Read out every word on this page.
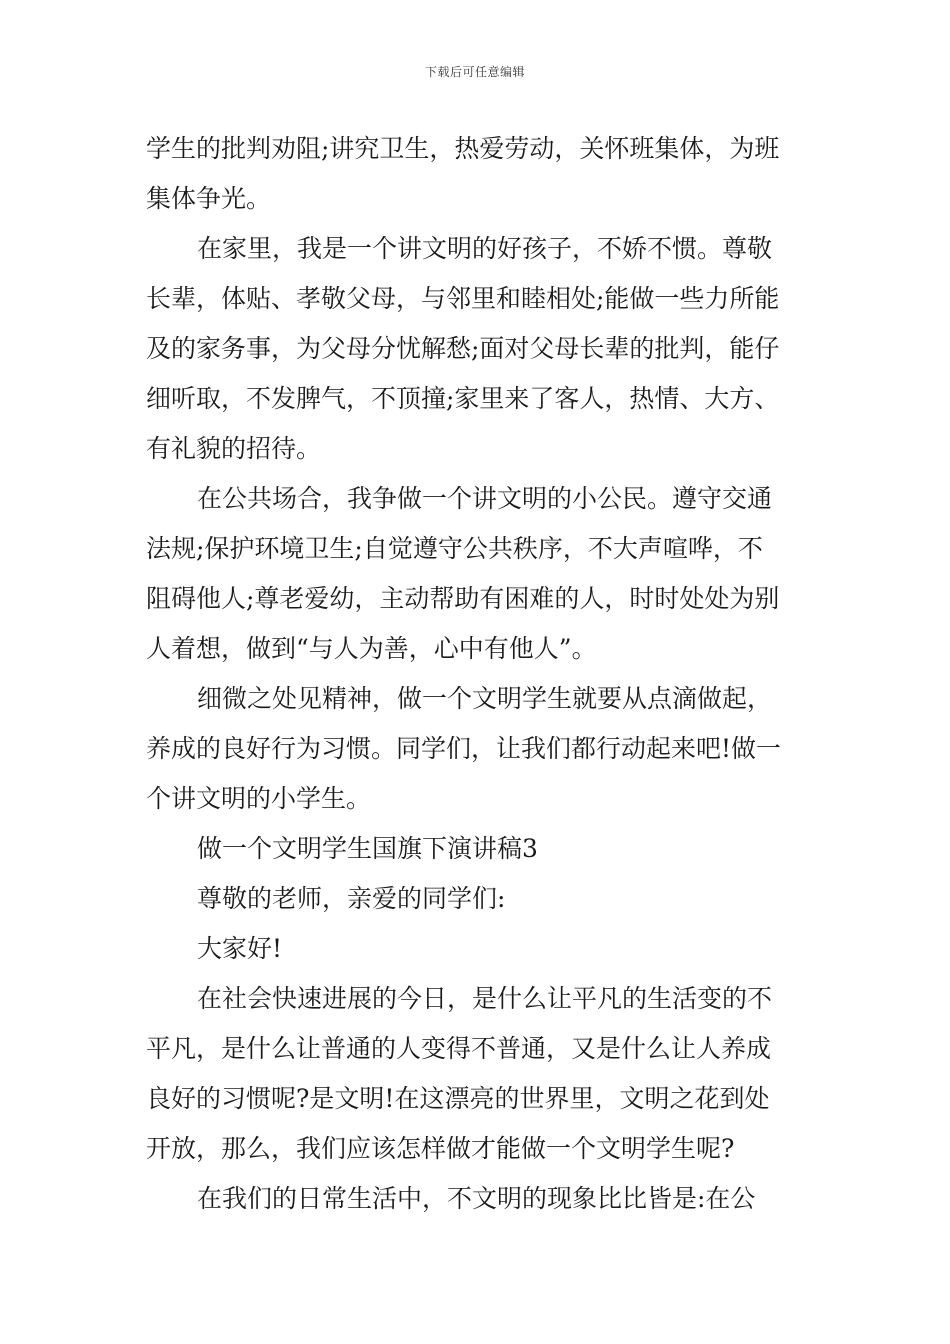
下载后可任意编辑
学生的批判劝阻;讲究卫生，热爱劳动，关怀班集体，为班
集体争光。
在家里，我是一个讲文明的好孩子，不娇不惯。尊敬
长辈，体贴、孝敬父母，与邻里和睦相处;能做一些力所能
及的家务事，为父母分忧解愁;面对父母长辈的批判，能仔
细听取，不发脾气，不顶撞;家里来了客人，热情、大方、
有礼貌的招待。
在公共场合，我争做一个讲文明的小公民。遵守交通
法规;保护环境卫生;自觉遵守公共秩序，不大声喧哗，不
阻碍他人;尊老爱幼，主动帮助有困难的人，时时处处为别
人着想，做到“与人为善，心中有他人”。
细微之处见精神，做一个文明学生就要从点滴做起，
养成的良好行为习惯。同学们，让我们都行动起来吧!做一
个讲文明的小学生。
做一个文明学生国旗下演讲稿3
尊敬的老师，亲爱的同学们:
大家好!
在社会快速进展的今日，是什么让平凡的生活变的不
平凡，是什么让普通的人变得不普通，又是什么让人养成
良好的习惯呢?是文明!在这漂亮的世界里，文明之花到处
开放，那么，我们应该怎样做才能做一个文明学生呢?
在我们的日常生活中，不文明的现象比比皆是:在公
